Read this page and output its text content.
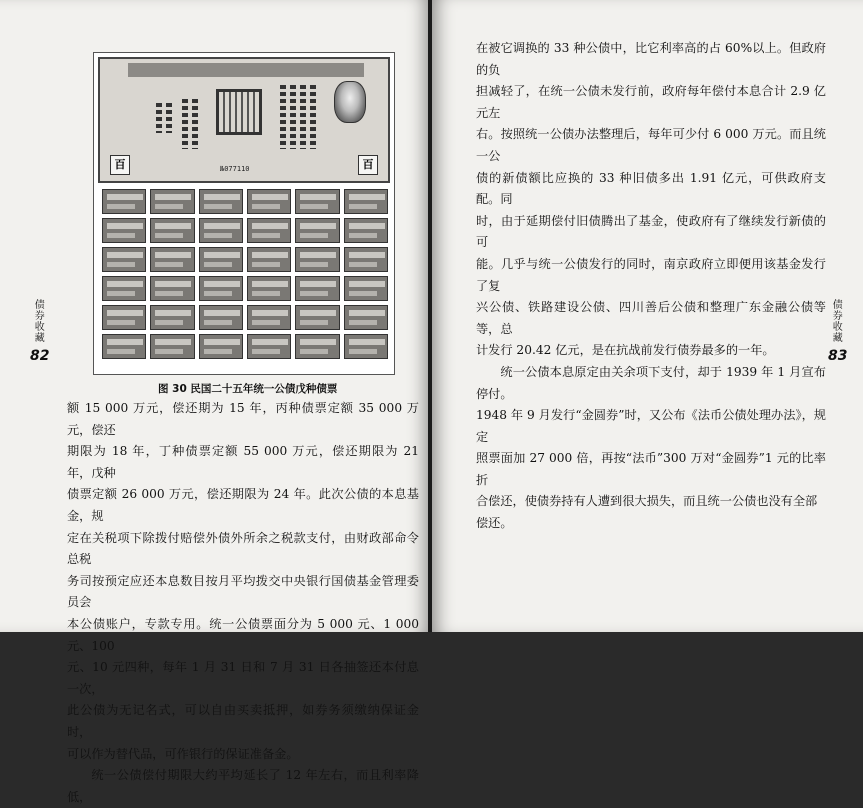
百	百
№077110
图 30 民国二十五年统一公债戊种债票
债券收藏
82

额 15 000 万元，偿还期为 15 年，丙种债票定额 35 000 万元，偿还

期限为 18 年，丁种债票定额 55 000 万元，偿还期限为 21 年，戊种

债票定额 26 000 万元，偿还期限为 24 年。此次公债的本息基金，规

定在关税项下除拨付赔偿外债外所余之税款支付，由财政部命令总税

务司按预定应还本息数目按月平均拨交中央银行国债基金管理委员会

本公债账户，专款专用。统一公债票面分为 5 000 元、1 000 元、100

元、10 元四种，每年 1 月 31 日和 7 月 31 日各抽签还本付息一次，

此公债为无记名式，可以自由买卖抵押，如券务须缴纳保证金时，

可以作为替代品，可作银行的保证准备金。

统一公债偿付期限大约平均延长了 12 年左右，而且利率降低，

在被它调换的 33 种公债中，比它利率高的占 60%以上。但政府的负

担减轻了，在统一公债未发行前，政府每年偿付本息合计 2.9 亿元左

右。按照统一公债办法整理后，每年可少付 6 000 万元。而且统一公

债的新债额比应换的 33 种旧债多出 1.91 亿元，可供政府支配。同

时，由于延期偿付旧债腾出了基金，使政府有了继续发行新债的可

能。几乎与统一公债发行的同时，南京政府立即便用该基金发行了复

兴公债、铁路建设公债、四川善后公债和整理广东金融公债等等，总

计发行 20.42 亿元，是在抗战前发行债券最多的一年。

统一公债本息原定由关余项下支付，却于 1939 年 1 月宣布停付。

1948 年 9 月发行“金圆券”时，又公布《法币公债处理办法》，规定

照票面加 27 000 倍，再按“法币”300 万对“金圆券”1 元的比率折

合偿还，使债券持有人遭到很大损失，而且统一公债也没有全部

偿还。

债券收藏
83
